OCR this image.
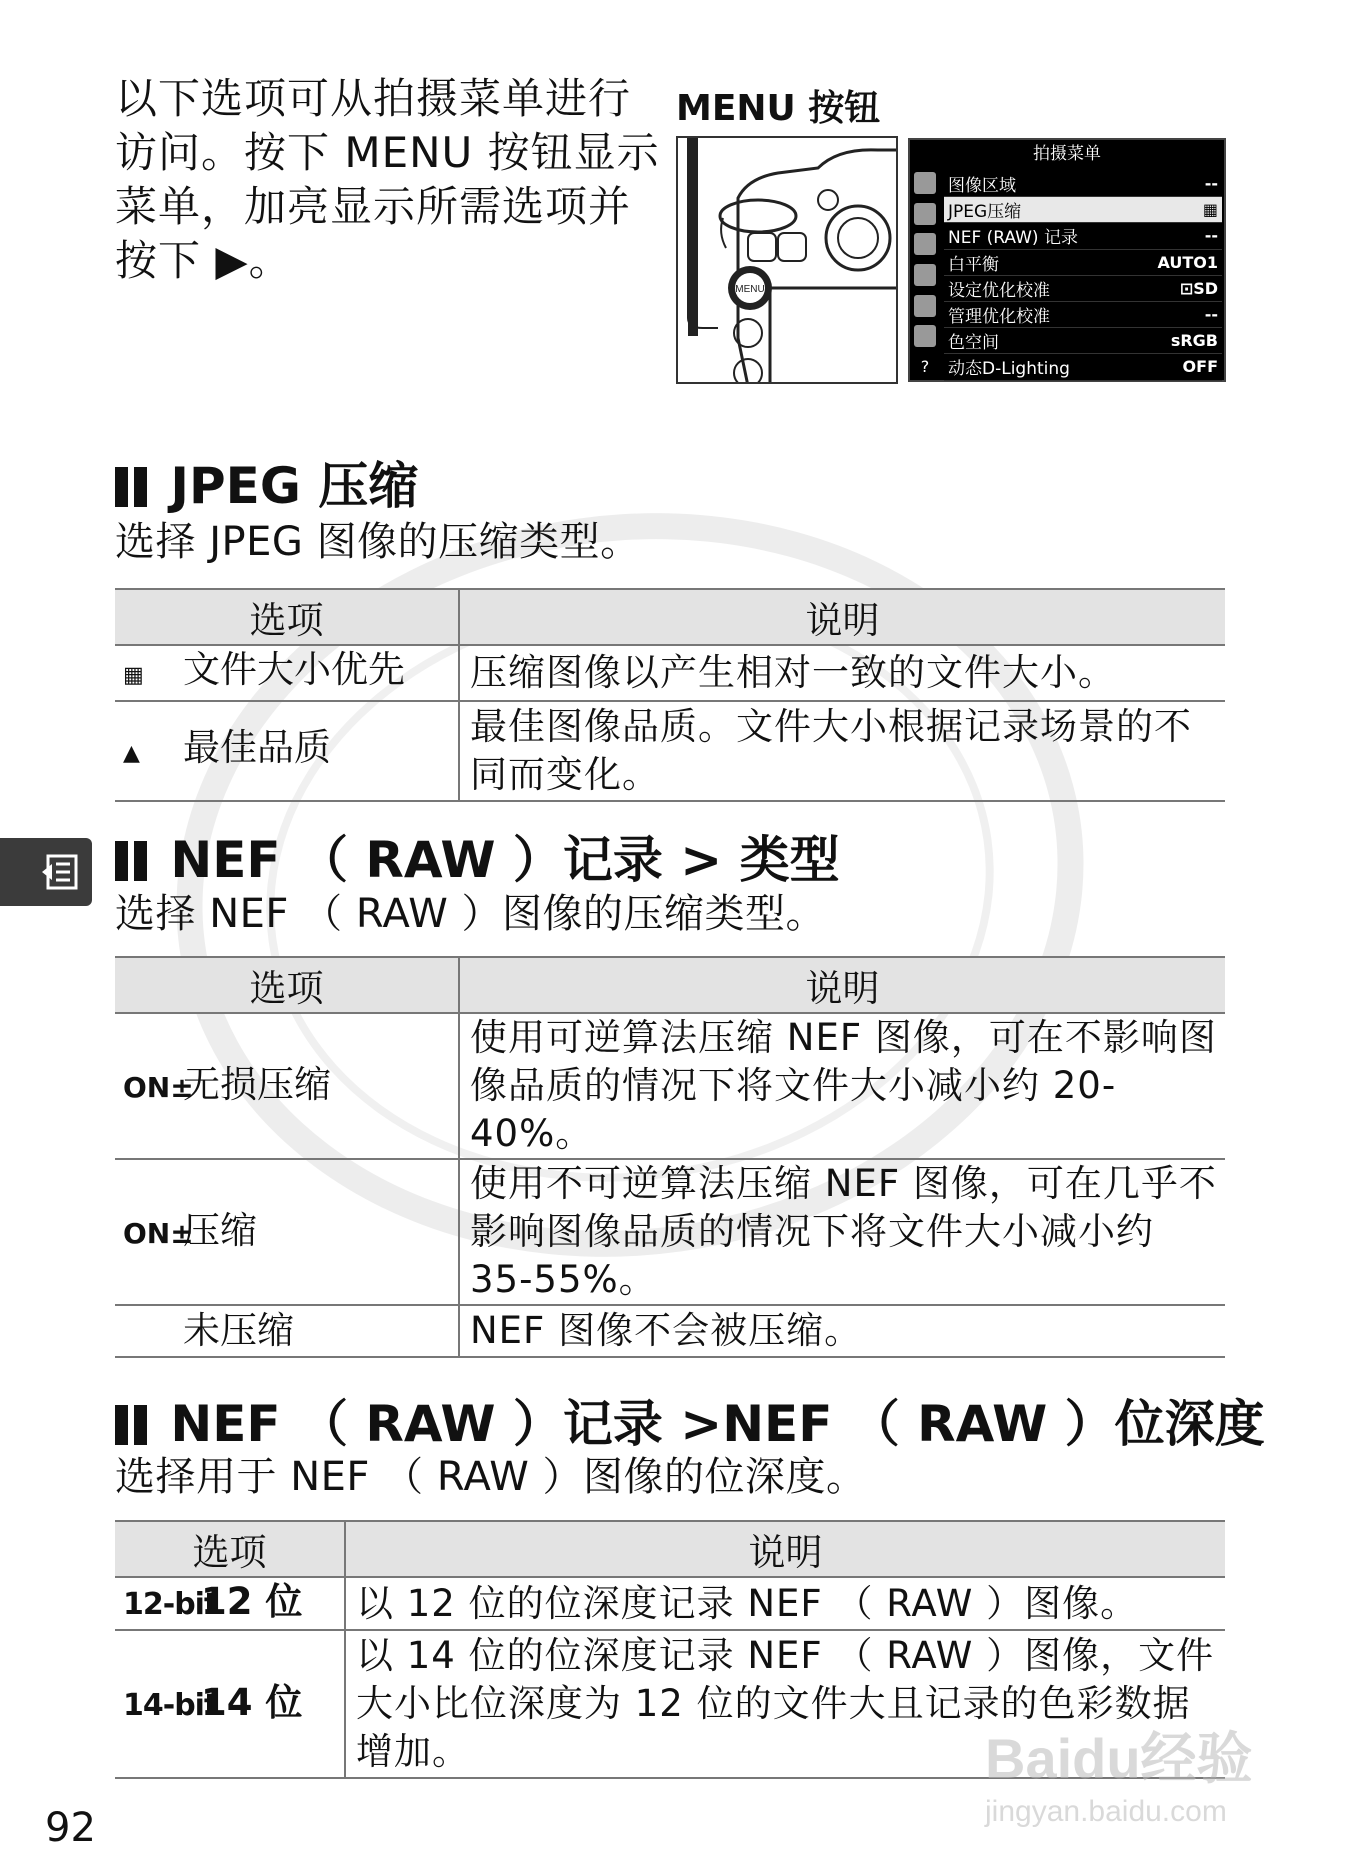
以下选项可从拍摄菜单进行访问。按下 MENU 按钮显示菜单，加亮显示所需选项并按下 ▶。
MENU 按钮
MENU
拍摄菜单
?
图像区域	--
JPEG压缩	▦
NEF (RAW) 记录	--
白平衡	AUTO1
设定优化校准	⊡SD
管理优化校准	--
色空间	sRGB
动态D-Lighting	OFF
JPEG 压缩
选择 JPEG 图像的压缩类型。
选项	说明
▦ 文件大小优先	压缩图像以产生相对一致的文件大小。
▲ 最佳品质	最佳图像品质。文件大小根据记录场景的不同而变化。
NEF （ RAW ）记录 > 类型
选择 NEF （ RAW ）图像的压缩类型。
选项	说明
ON±无损压缩	使用可逆算法压缩 NEF 图像，可在不影响图像品质的情况下将文件大小减小约 20-40%。
ON±压缩	使用不可逆算法压缩 NEF 图像，可在几乎不影响图像品质的情况下将文件大小减小约 35-55%。
未压缩	NEF 图像不会被压缩。
NEF （ RAW ）记录 >NEF （ RAW ）位深度
选择用于 NEF （ RAW ）图像的位深度。
选项	说明
12-bit12 位	以 12 位的位深度记录 NEF （ RAW ）图像。
14-bit14 位	以 14 位的位深度记录 NEF （ RAW ）图像，文件大小比位深度为 12 位的文件大且记录的色彩数据增加。
92
Baidu经验
jingyan.baidu.com
